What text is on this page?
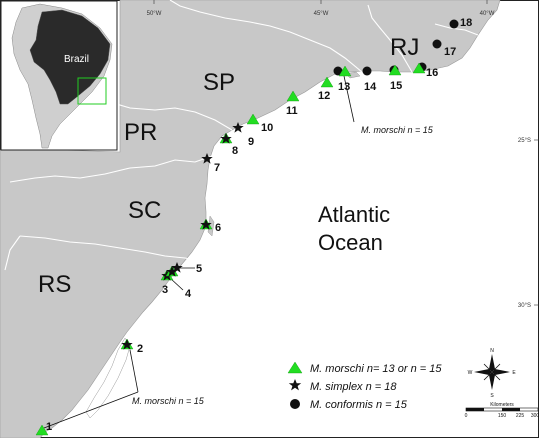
50°W	45°W	40°W
25°S
30°S
SP
PR
SC
RS
RJ
Atlantic
Ocean
M. morschi n = 15
M. morschi n = 15
1
2
3 4
5
6
7
8
9
10
11
12
13 14 15
16
17
18
Brazil
M. morschi n= 13 or n = 15
M. simplex n = 18
M. conformis n = 15
N
S
E
W
Kilometers
0	150 225 300
